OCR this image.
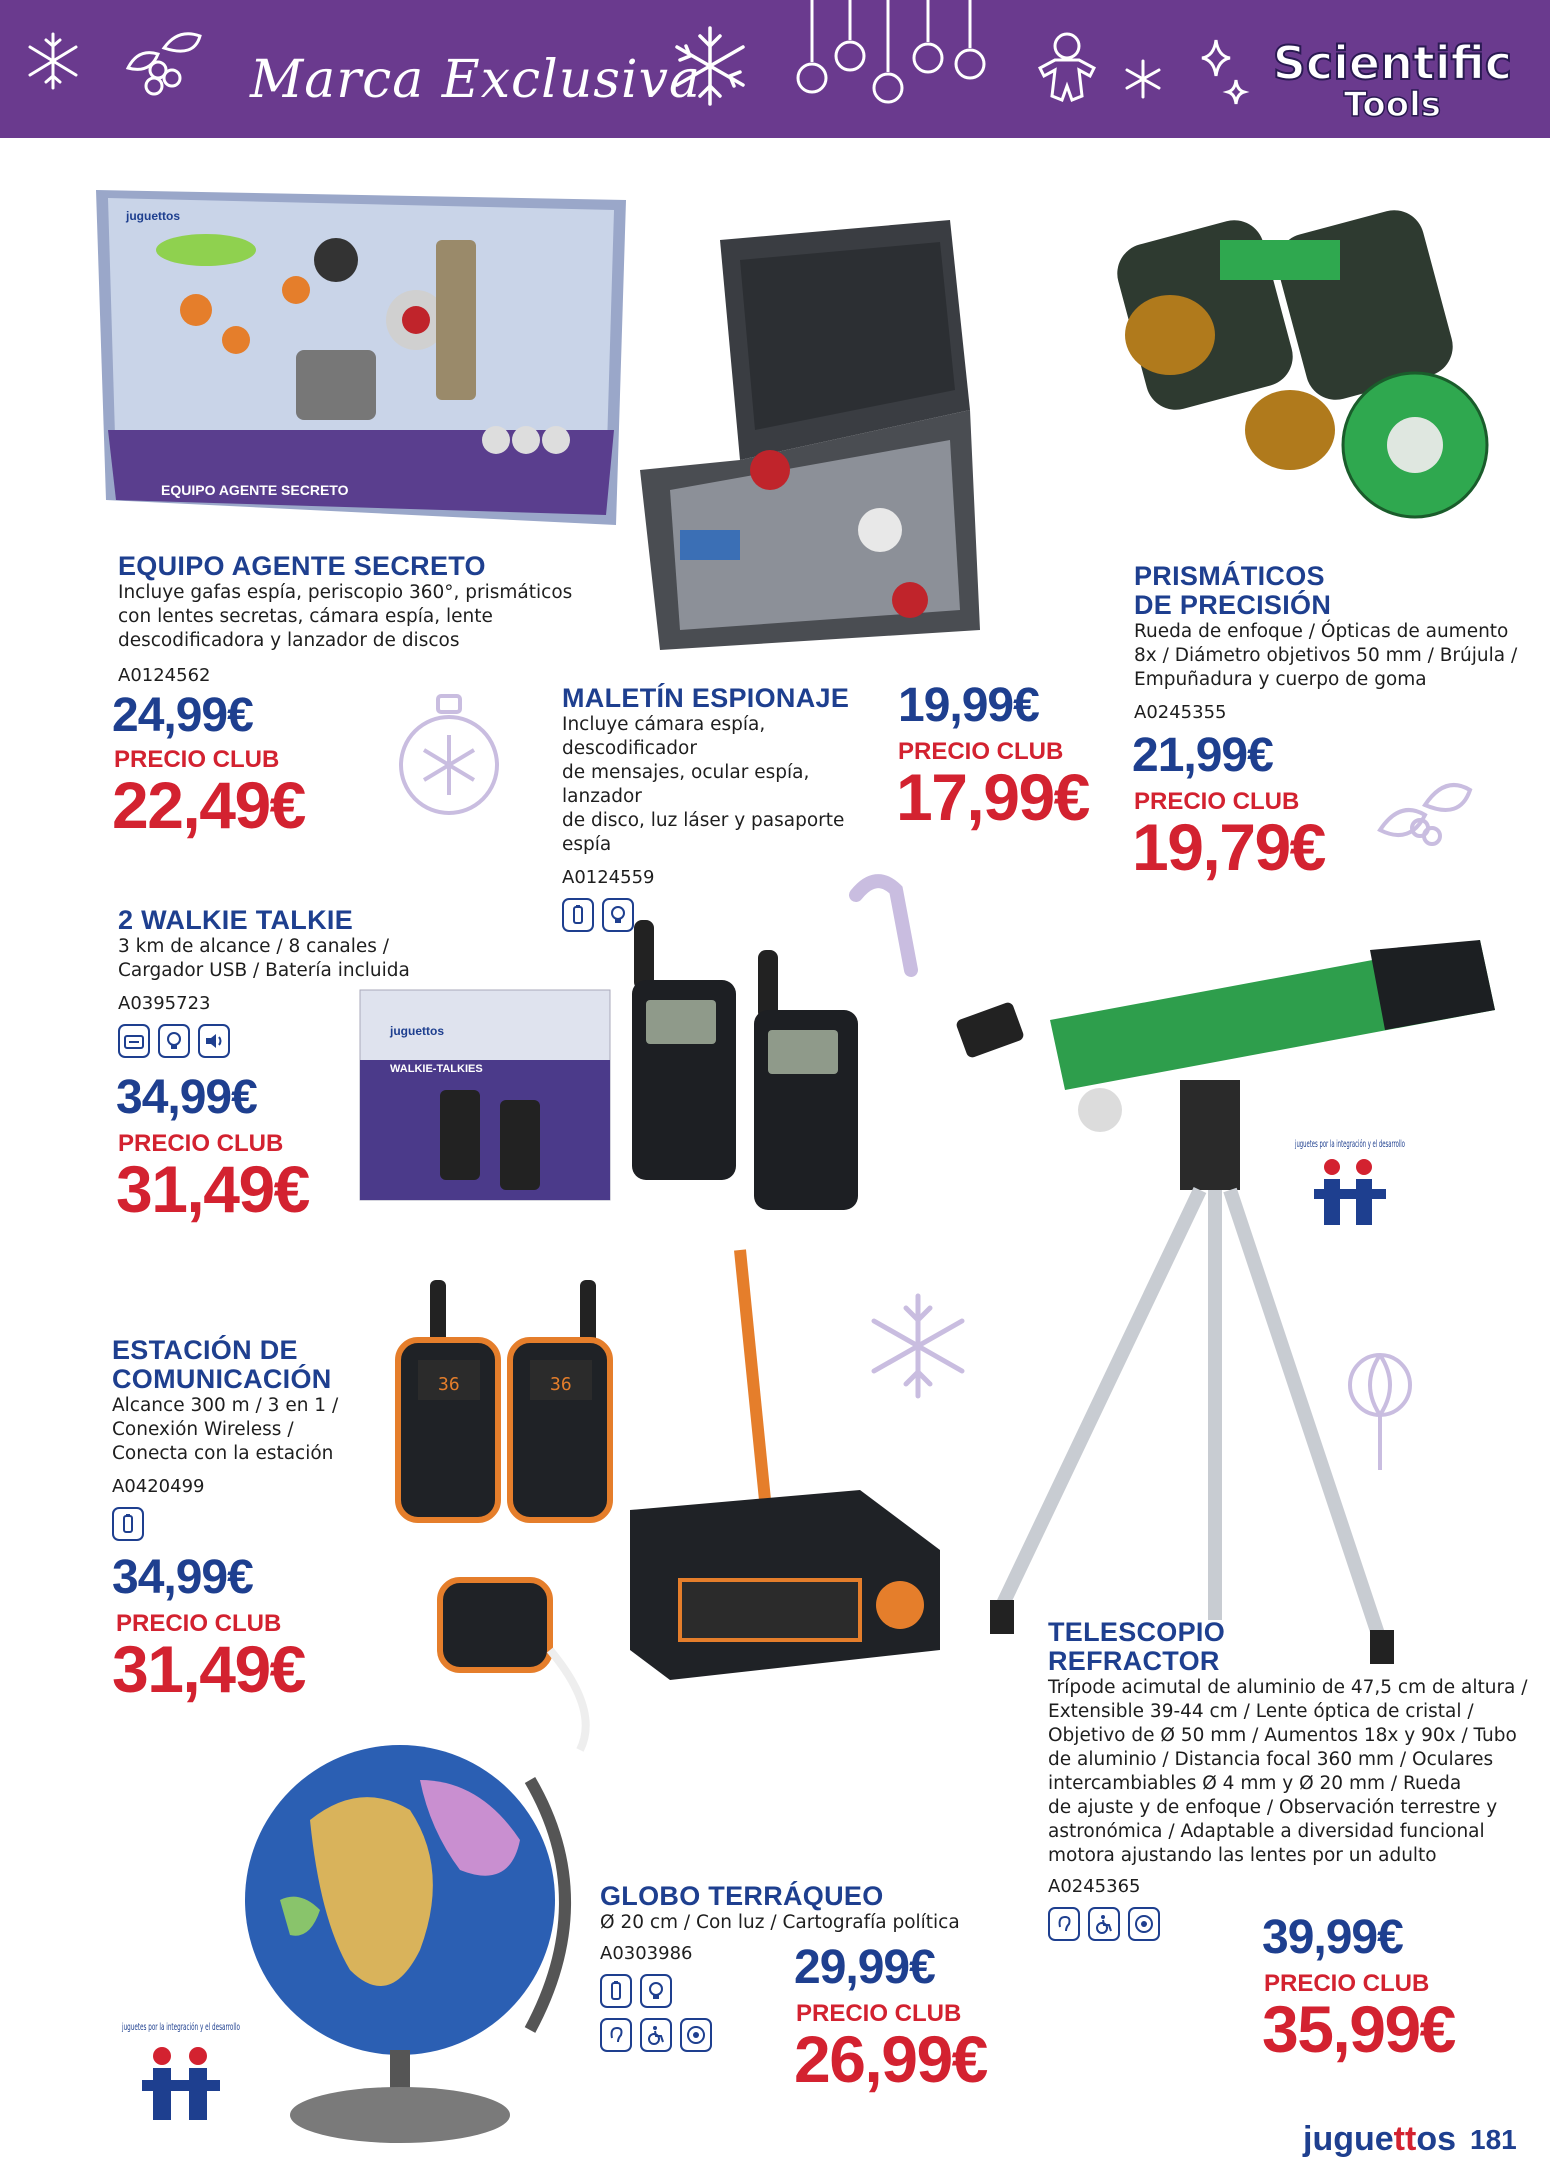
Marca Exclusiva	Scientific
Tools
EQUIPO AGENTE SECRETO
juguettos
juguettos
WALKIE-TALKIES
36	36
juguetes por la integración y el desarrollo
juguetes por la integración y el desarrollo
EQUIPO AGENTE SECRETO
Incluye gafas espía, periscopio 360°, prismáticos
con lentes secretas, cámara espía, lente
descodificadora y lanzador de discos
A0124562
24,99€
PRECIO CLUB
22,49€
MALETÍN ESPIONAJE
Incluye cámara espía, descodificador
de mensajes, ocular espía, lanzador
de disco, luz láser y pasaporte espía
A0124559
19,99€
PRECIO CLUB
17,99€
PRISMÁTICOS
DE PRECISIÓN
Rueda de enfoque / Ópticas de aumento
8x / Diámetro objetivos 50 mm / Brújula /
Empuñadura y cuerpo de goma
A0245355
21,99€
PRECIO CLUB
19,79€
2 WALKIE TALKIE
3 km de alcance / 8 canales /
Cargador USB / Batería incluida
A0395723
34,99€
PRECIO CLUB
31,49€
ESTACIÓN DE
COMUNICACIÓN
Alcance 300 m / 3 en 1 /
Conexión Wireless /
Conecta con la estación
A0420499
34,99€
PRECIO CLUB
31,49€	TELESCOPIO
REFRACTOR
Trípode acimutal de aluminio de 47,5 cm de altura /
Extensible 39-44 cm / Lente óptica de cristal /
Objetivo de Ø 50 mm / Aumentos 18x y 90x / Tubo
de aluminio / Distancia focal 360 mm / Oculares
intercambiables Ø 4 mm y Ø 20 mm / Rueda
de ajuste y de enfoque / Observación terrestre y
astronómica / Adaptable a diversidad funcional
motora ajustando las lentes por un adulto
A0245365
39,99€
PRECIO CLUB
35,99€
GLOBO TERRÁQUEO
Ø 20 cm / Con luz / Cartografía política
A0303986	29,99€
PRECIO CLUB
26,99€
juguettos 181
